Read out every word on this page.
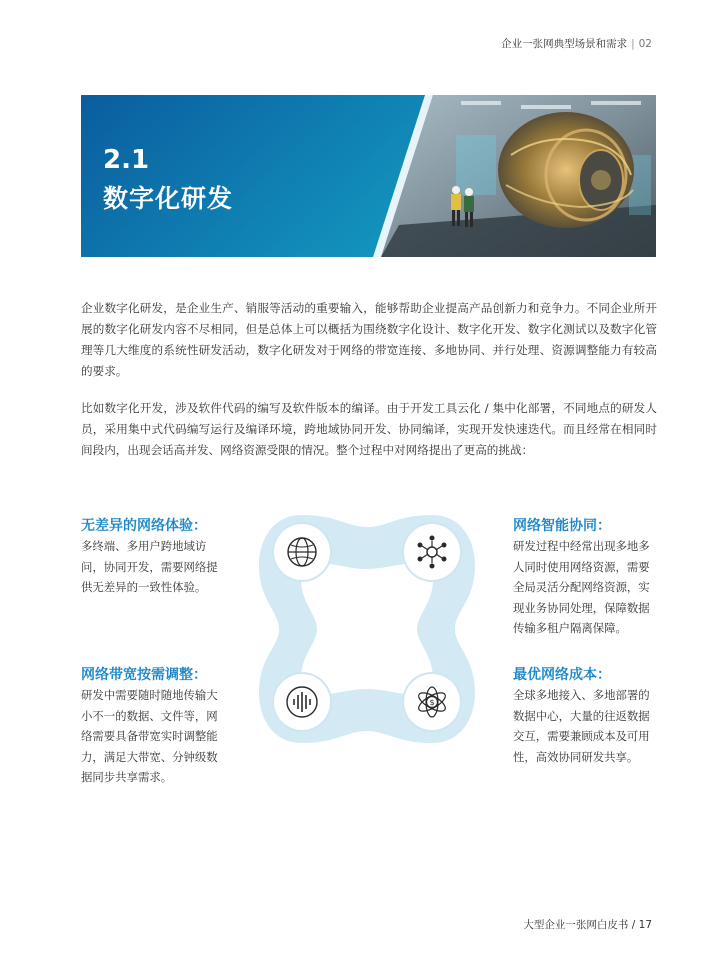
企业一张网典型场景和需求 | 02
2.1
数字化研发
企业数字化研发，是企业生产、销服等活动的重要输入，能够帮助企业提高产品创新力和竞争力。不同企业所开展的数字化研发内容不尽相同，但是总体上可以概括为围绕数字化设计、数字化开发、数字化测试以及数字化管理等几大维度的系统性研发活动，数字化研发对于网络的带宽连接、多地协同、并行处理、资源调整能力有较高的要求。
比如数字化开发，涉及软件代码的编写及软件版本的编译。由于开发工具云化 / 集中化部署，不同地点的研发人员，采用集中式代码编写运行及编译环境，跨地域协同开发、协同编译，实现开发快速迭代。而且经常在相同时间段内，出现会话高并发、网络资源受限的情况。整个过程中对网络提出了更高的挑战：
$
无差异的网络体验：
多终端、多用户跨地域访问，协同开发，需要网络提供无差异的一致性体验。
网络智能协同：
研发过程中经常出现多地多人同时使用网络资源，需要全局灵活分配网络资源，实现业务协同处理，保障数据传输多租户隔离保障。
网络带宽按需调整：
研发中需要随时随地传输大小不一的数据、文件等，网络需要具备带宽实时调整能力，满足大带宽、分钟级数据同步共享需求。
最优网络成本：
全球多地接入、多地部署的数据中心，大量的往返数据交互，需要兼顾成本及可用性，高效协同研发共享。
大型企业一张网白皮书 / 17
